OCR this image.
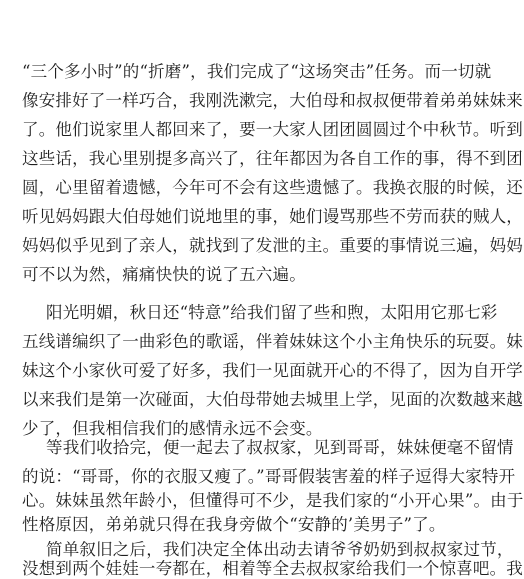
“三个多小时”的“折磨”，我们完成了“这场突击”任务。而一切就
像安排好了一样巧合，我刚洗漱完，大伯母和叔叔便带着弟弟妹妹来
了。他们说家里人都回来了，要一大家人团团圆圆过个中秋节。听到
这些话，我心里别提多高兴了，往年都因为各自工作的事，得不到团
圆，心里留着遗憾，今年可不会有这些遗憾了。我换衣服的时候，还
听见妈妈跟大伯母她们说地里的事，她们谩骂那些不劳而获的贼人，
妈妈似乎见到了亲人，就找到了发泄的主。重要的事情说三遍，妈妈
可不以为然，痛痛快快的说了五六遍。
阳光明媚，秋日还“特意”给我们留了些和煦，太阳用它那七彩
五线谱编织了一曲彩色的歌谣，伴着妹妹这个小主角快乐的玩耍。妹
妹这个小家伙可爱了好多，我们一见面就开心的不得了，因为自开学
以来我们是第一次碰面，大伯母带她去城里上学，见面的次数越来越
少了，但我相信我们的感情永远不会变。
等我们收拾完，便一起去了叔叔家，见到哥哥，妹妹便毫不留情
的说：“哥哥，你的衣服又瘦了。”哥哥假装害羞的样子逗得大家特开
心。妹妹虽然年龄小，但懂得可不少，是我们家的“小开心果”。由于
性格原因，弟弟就只得在我身旁做个“安静的’美男子”了。
简单叙旧之后，我们决定全体出动去请爷爷奶奶到叔叔家过节，
没想到两个娃娃一夸都在，相着等全去叔叔家给我们一个惊喜吧。我
